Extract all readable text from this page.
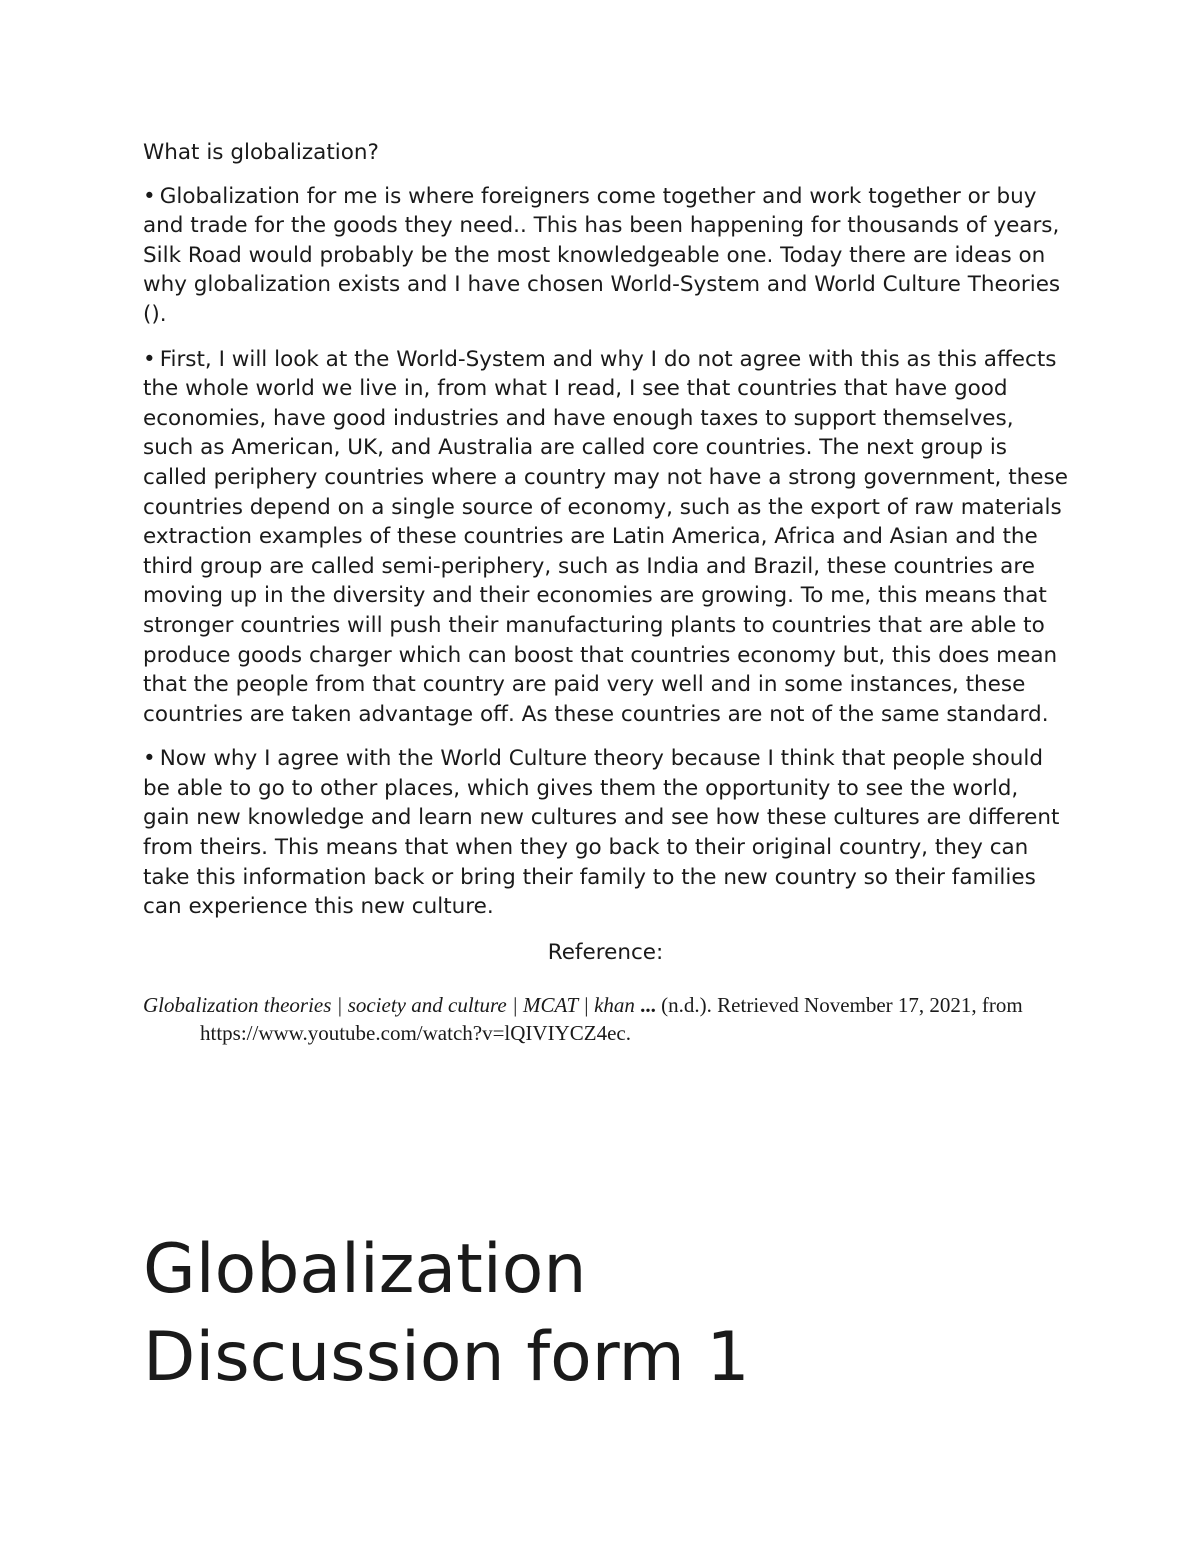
What is globalization?

• Globalization for me is where foreigners come together and work together or buy and trade for the goods they need.. This has been happening for thousands of years, Silk Road would probably be the most knowledgeable one. Today there are ideas on why globalization exists and I have chosen World-System and World Culture Theories ().

• First, I will look at the World-System and why I do not agree with this as this affects the whole world we live in, from what I read, I see that countries that have good economies, have good industries and have enough taxes to support themselves, such as American, UK, and Australia are called core countries. The next group is called periphery countries where a country may not have a strong government, these countries depend on a single source of economy, such as the export of raw materials extraction examples of these countries are Latin America, Africa and Asian and the third group are called semi-periphery, such as India and Brazil, these countries are moving up in the diversity and their economies are growing. To me, this means that stronger countries will push their manufacturing plants to countries that are able to produce goods charger which can boost that countries economy but, this does mean that the people from that country are paid very well and in some instances, these countries are taken advantage off. As these countries are not of the same standard.

• Now why I agree with the World Culture theory because I think that people should be able to go to other places, which gives them the opportunity to see the world, gain new knowledge and learn new cultures and see how these cultures are different from theirs. This means that when they go back to their original country, they can take this information back or bring their family to the new country so their families can experience this new culture.

Reference:

Globalization theories | society and culture | MCAT | khan ... (n.d.). Retrieved November 17, 2021, from https://www.youtube.com/watch?v=lQIVIYCZ4ec.

Globalization
Discussion form 1
